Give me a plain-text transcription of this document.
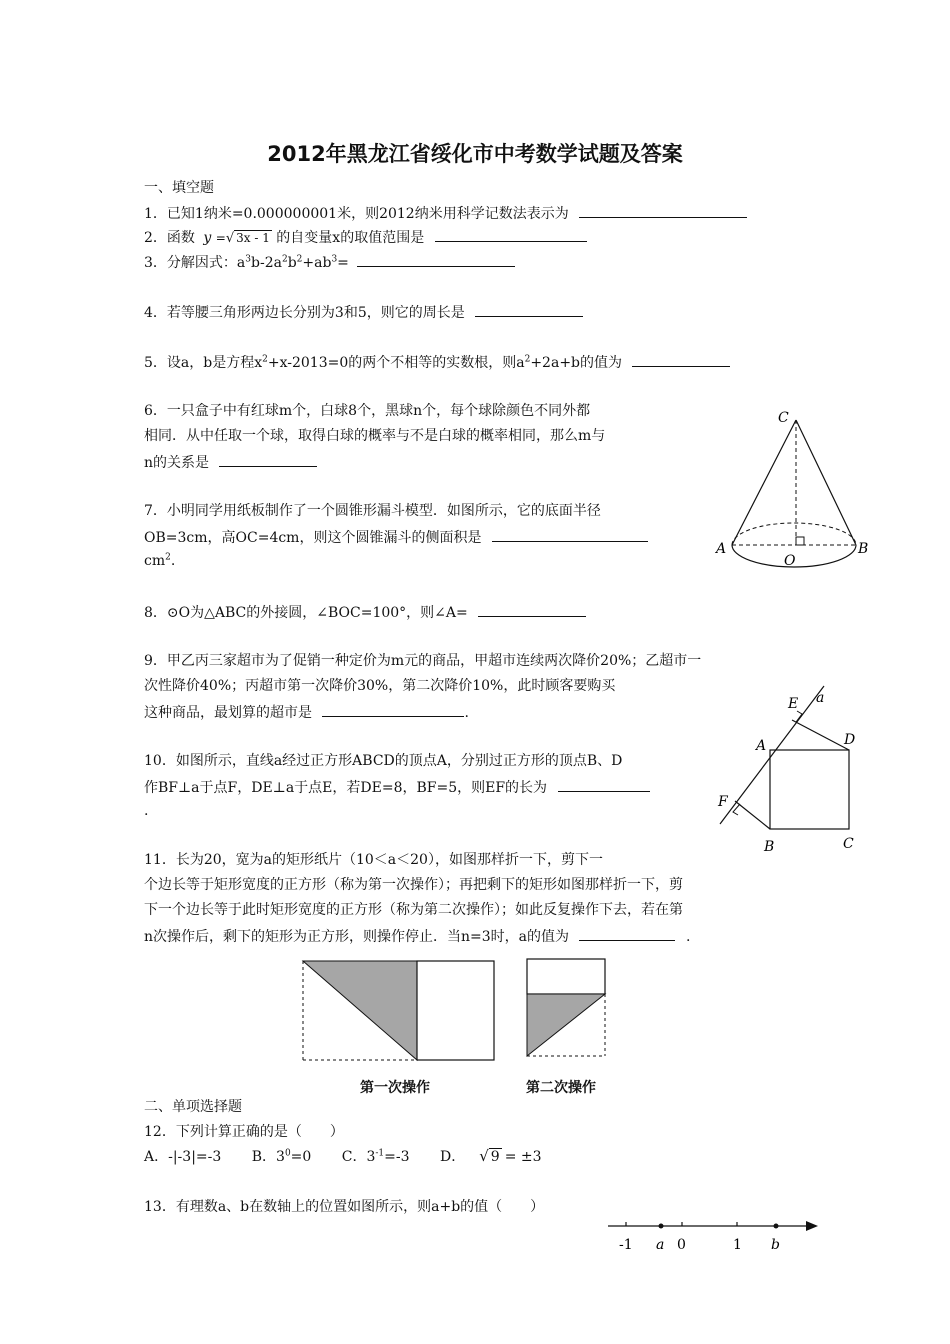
2012年黑龙江省绥化市中考数学试题及答案
一、填空题
1．已知1纳米=0.000000001米，则2012纳米用科学记数法表示为
2．函数 y =√ 3x - 1 的自变量x的取值范围是
3．分解因式：$a^3b-2a^2b^2+ab^3=$
4．若等腰三角形两边长分别为3和5，则它的周长是
5．设a，b是方程$x^2+x-2013=0$的两个不相等的实数根，则$a^2+2a+b$的值为
6．一只盒子中有红球m个，白球8个，黑球n个，每个球除颜色不同外都
相同．从中任取一个球，取得白球的概率与不是白球的概率相同，那么m与
n的关系是
7．小明同学用纸板制作了一个圆锥形漏斗模型．如图所示，它的底面半径
OB=3cm，高OC=4cm，则这个圆锥漏斗的侧面积是
$cm^2$.
8．⊙O为△ABC的外接圆，∠BOC=100°，则∠A=
9．甲乙丙三家超市为了促销一种定价为m元的商品，甲超市连续两次降价20%；乙超市一
次性降价40%；丙超市第一次降价30%，第二次降价10%，此时顾客要购买
这种商品，最划算的超市是	.
10．如图所示，直线a经过正方形ABCD的顶点A，分别过正方形的顶点B、D
作BF⊥a于点F，DE⊥a于点E，若DE=8，BF=5，则EF的长为
.
11．长为20，宽为a的矩形纸片（10＜a＜20），如图那样折一下，剪下一
个边长等于矩形宽度的正方形（称为第一次操作）；再把剩下的矩形如图那样折一下，剪
下一个边长等于此时矩形宽度的正方形（称为第二次操作）；如此反复操作下去，若在第
n次操作后，剩下的矩形为正方形，则操作停止．当n=3时，a的值为	.
C
A
O
B
E a
A	D
F
B	C
第一次操作	第二次操作
二、单项选择题
12．下列计算正确的是（　　）
A．-|-3|=-3 B．$3^0=0$ C．$3^{-1}=-3$ D． √ 9 = ±3
13．有理数a、b在数轴上的位置如图所示，则a+b的值（　　）
-1 a 0	1 b
